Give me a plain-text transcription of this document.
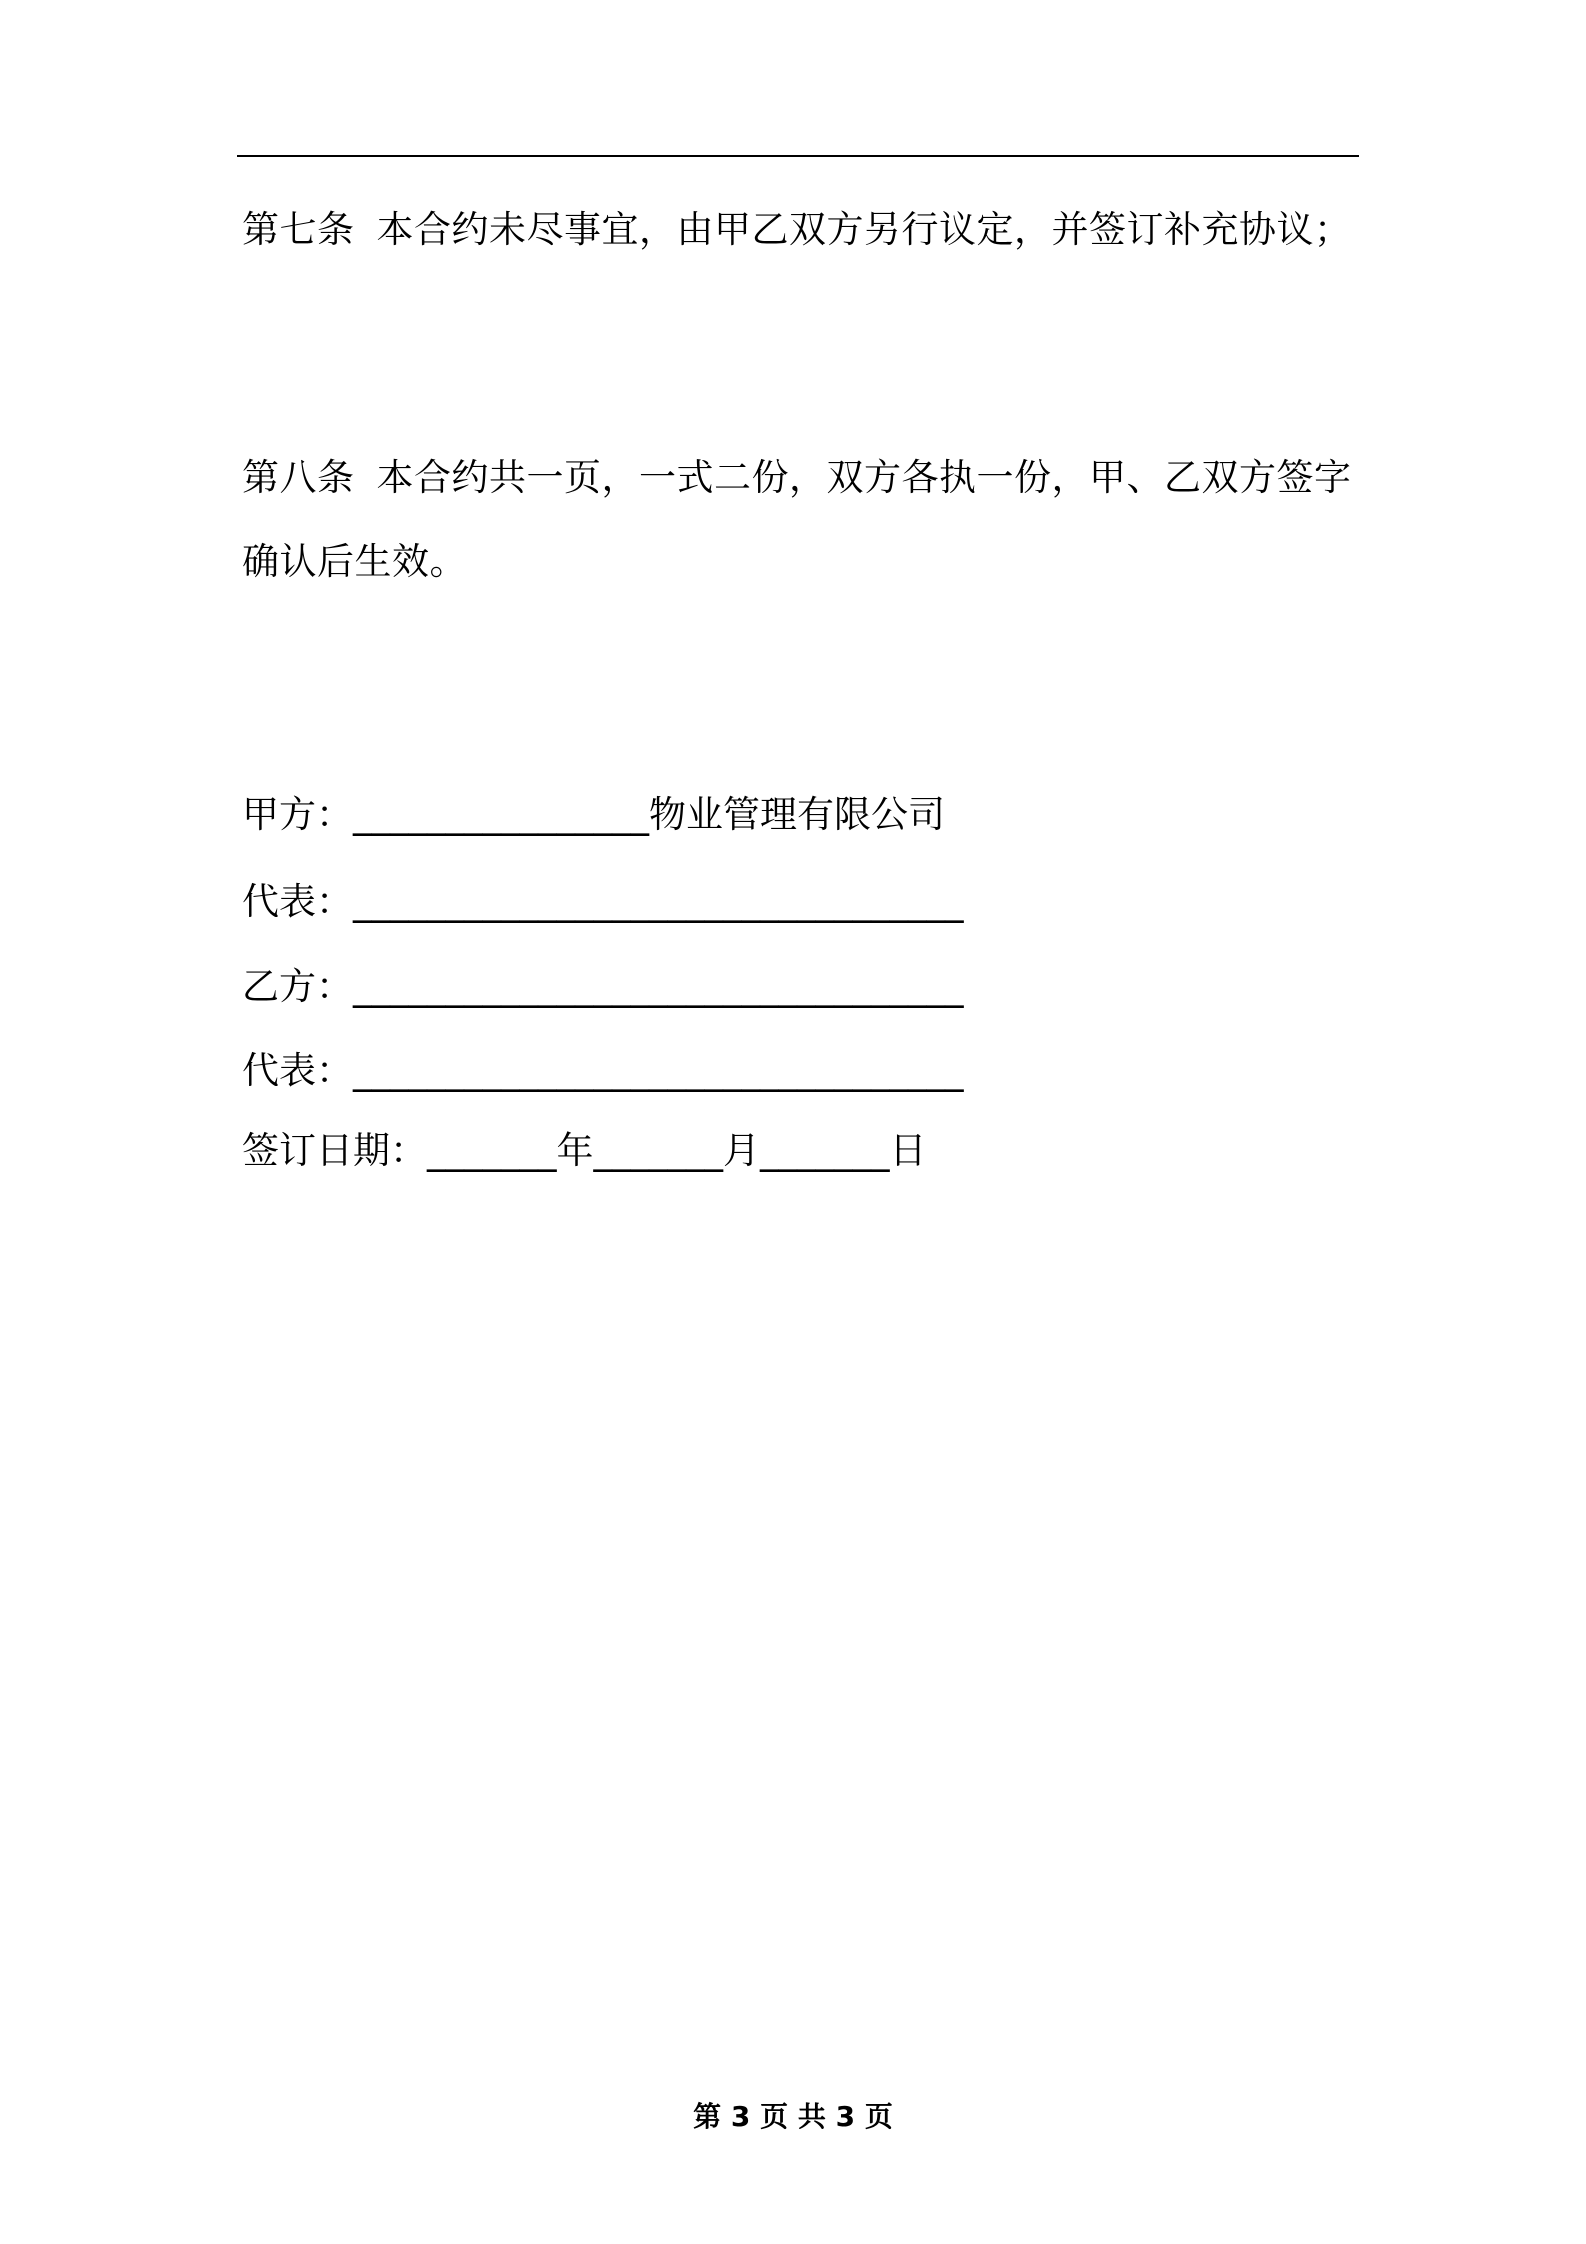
第七条 本合约未尽事宜，由甲乙双方另行议定，并签订补充协议；
第八条 本合约共一页，一式二份，双方各执一份，甲、乙双方签字确认后生效。
甲方：________________物业管理有限公司
代表：_________________________________
乙方：_________________________________
代表：_________________________________
签订日期：_______年_______月_______日
第 3 页 共 3 页
